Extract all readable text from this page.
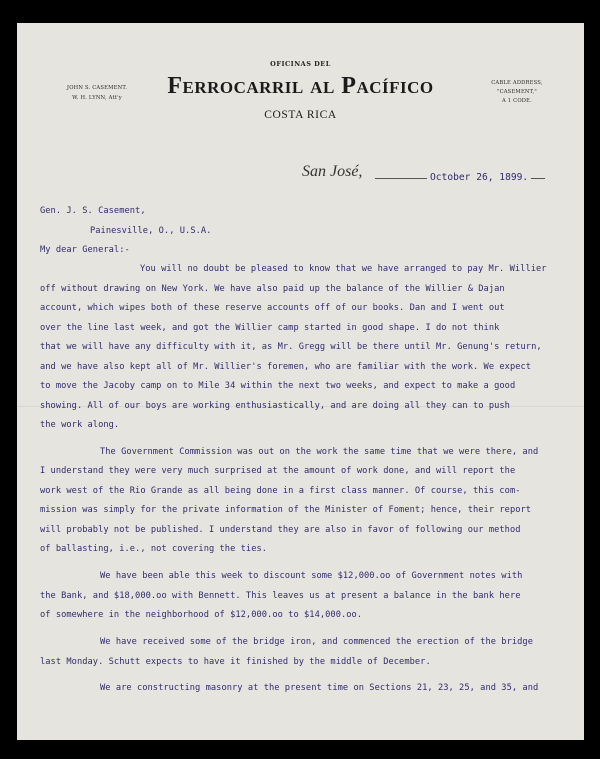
JOHN S. CASEMENT.
W. H. LYNN, Att'y
OFICINAS DEL
Ferrocarril al Pacífico
COSTA RICA
CABLE ADDRESS,
"CASEMENT,"
A 1 CODE.
San José,	October 26, 1899.
Gen. J. S. Casement,
Painesville, O., U.S.A.
My dear General:-
You will no doubt be pleased to know that we have arranged to pay Mr. Willier
off without drawing on New York. We have also paid up the balance of the Willier & Dajan
account, which wipes both of these reserve accounts off of our books. Dan and I went out
over the line last week, and got the Willier camp started in good shape. I do not think
that we will have any difficulty with it, as Mr. Gregg will be there until Mr. Genung's return,
and we have also kept all of Mr. Willier's foremen, who are familiar with the work. We expect
to move the Jacoby camp on to Mile 34 within the next two weeks, and expect to make a good
showing. All of our boys are working enthusiastically, and are doing all they can to push
the work along.
The Government Commission was out on the work the same time that we were there, and
I understand they were very much surprised at the amount of work done, and will report the
work west of the Rio Grande as all being done in a first class manner. Of course, this com-
mission was simply for the private information of the Minister of Foment; hence, their report
will probably not be published. I understand they are also in favor of following our method
of ballasting, i.e., not covering the ties.
We have been able this week to discount some $12,000.oo of Government notes with
the Bank, and $18,000.oo with Bennett. This leaves us at present a balance in the bank here
of somewhere in the neighborhood of $12,000.oo to $14,000.oo.
We have received some of the bridge iron, and commenced the erection of the bridge
last Monday. Schutt expects to have it finished by the middle of December.
We are constructing masonry at the present time on Sections 21, 23, 25, and 35, and
